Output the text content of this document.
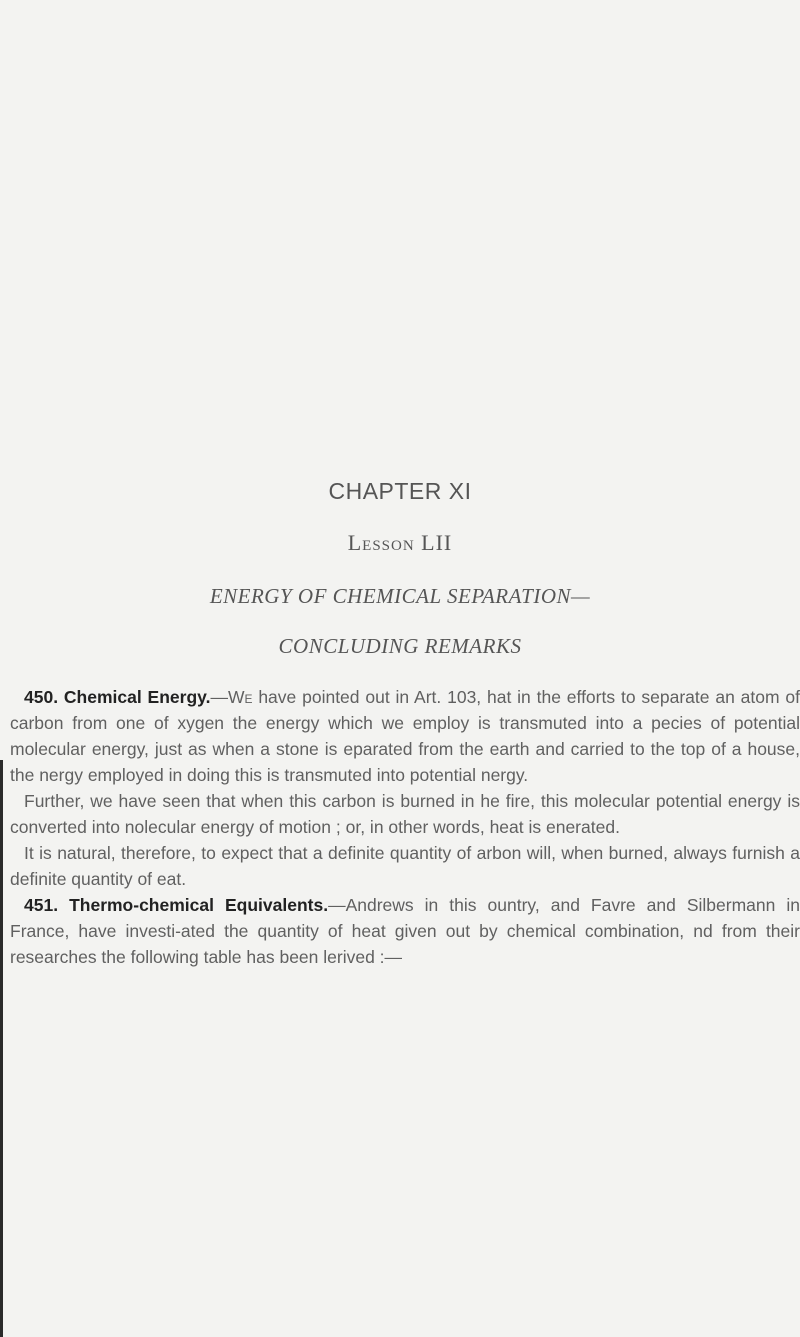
CHAPTER XI
Lesson LII
ENERGY OF CHEMICAL SEPARATION—
CONCLUDING REMARKS

450. Chemical Energy.—We have pointed out in Art. 103, hat in the efforts to separate an atom of carbon from one of xygen the energy which we employ is transmuted into a pecies of potential molecular energy, just as when a stone is eparated from the earth and carried to the top of a house, the nergy employed in doing this is transmuted into potential nergy.

Further, we have seen that when this carbon is burned in he fire, this molecular potential energy is converted into nolecular energy of motion ; or, in other words, heat is enerated.

It is natural, therefore, to expect that a definite quantity of arbon will, when burned, always furnish a definite quantity of eat.

451. Thermo-chemical Equivalents.—Andrews in this ountry, and Favre and Silbermann in France, have investi-ated the quantity of heat given out by chemical combination, nd from their researches the following table has been lerived :—
